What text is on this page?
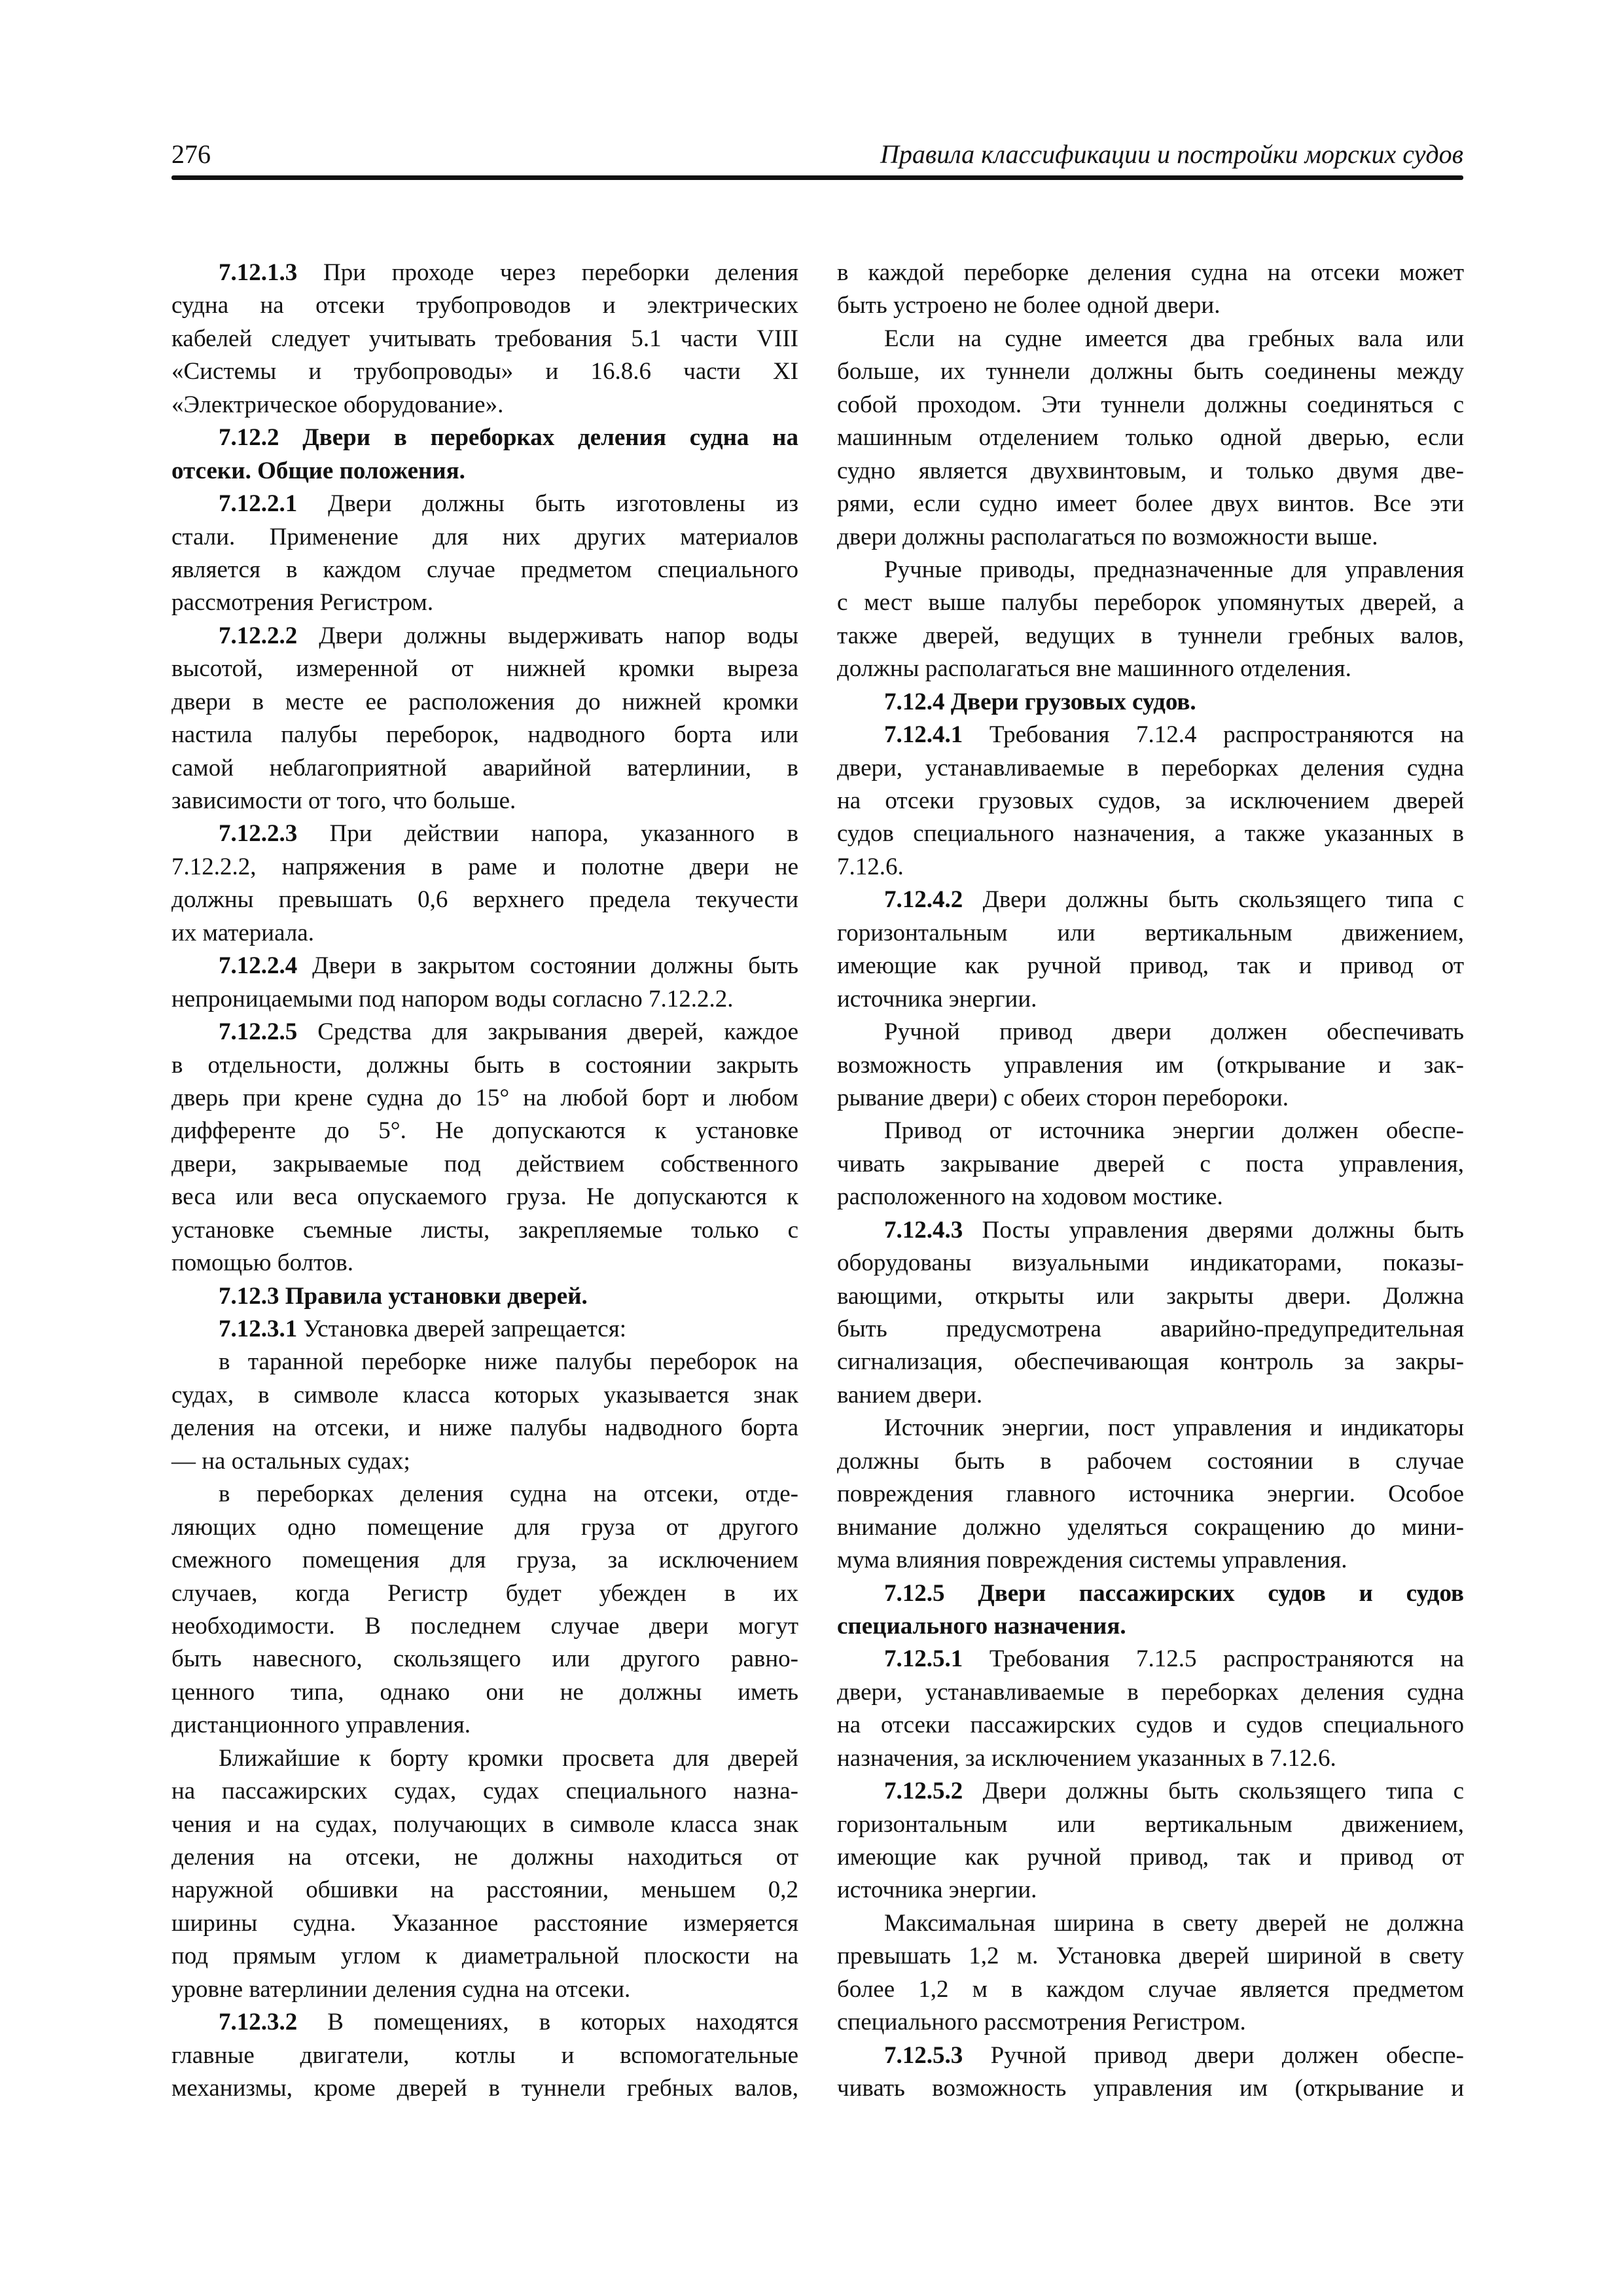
276	Правила классификации и постройки морских судов
7.12.1.3 При проходе через переборки деления
судна на отсеки трубопроводов и электрических
кабелей следует учитывать требования 5.1 части VIII
«Системы и трубопроводы» и 16.8.6 части XI
«Электрическое оборудование».
7.12.2 Двери в переборках деления судна на
отсеки. Общие положения.
7.12.2.1 Двери должны быть изготовлены из
стали. Применение для них других материалов
является в каждом случае предметом специального
рассмотрения Регистром.
7.12.2.2 Двери должны выдерживать напор воды
высотой, измеренной от нижней кромки выреза
двери в месте ее расположения до нижней кромки
настила палубы переборок, надводного борта или
самой неблагоприятной аварийной ватерлинии, в
зависимости от того, что больше.
7.12.2.3 При действии напора, указанного в
7.12.2.2, напряжения в раме и полотне двери не
должны превышать 0,6 верхнего предела текучести
их материала.
7.12.2.4 Двери в закрытом состоянии должны быть
непроницаемыми под напором воды согласно 7.12.2.2.
7.12.2.5 Средства для закрывания дверей, каждое
в отдельности, должны быть в состоянии закрыть
дверь при крене судна до 15° на любой борт и любом
дифференте до 5°. Не допускаются к установке
двери, закрываемые под действием собственного
веса или веса опускаемого груза. Не допускаются к
установке съемные листы, закрепляемые только с
помощью болтов.
7.12.3 Правила установки дверей.
7.12.3.1 Установка дверей запрещается:
в таранной переборке ниже палубы переборок на
судах, в символе класса которых указывается знак
деления на отсеки, и ниже палубы надводного борта
— на остальных судах;
в переборках деления судна на отсеки, отде-
ляющих одно помещение для груза от другого
смежного помещения для груза, за исключением
случаев, когда Регистр будет убежден в их
необходимости. В последнем случае двери могут
быть навесного, скользящего или другого равно-
ценного типа, однако они не должны иметь
дистанционного управления.
Ближайшие к борту кромки просвета для дверей
на пассажирских судах, судах специального назна-
чения и на судах, получающих в символе класса знак
деления на отсеки, не должны находиться от
наружной обшивки на расстоянии, меньшем 0,2
ширины судна. Указанное расстояние измеряется
под прямым углом к диаметральной плоскости на
уровне ватерлинии деления судна на отсеки.
7.12.3.2 В помещениях, в которых находятся
главные двигатели, котлы и вспомогательные
механизмы, кроме дверей в туннели гребных валов,
в каждой переборке деления судна на отсеки может
быть устроено не более одной двери.
Если на судне имеется два гребных вала или
больше, их туннели должны быть соединены между
собой проходом. Эти туннели должны соединяться с
машинным отделением только одной дверью, если
судно является двухвинтовым, и только двумя две-
рями, если судно имеет более двух винтов. Все эти
двери должны располагаться по возможности выше.
Ручные приводы, предназначенные для управления
с мест выше палубы переборок упомянутых дверей, а
также дверей, ведущих в туннели гребных валов,
должны располагаться вне машинного отделения.
7.12.4 Двери грузовых судов.
7.12.4.1 Требования 7.12.4 распространяются на
двери, устанавливаемые в переборках деления судна
на отсеки грузовых судов, за исключением дверей
судов специального назначения, а также указанных в
7.12.6.
7.12.4.2 Двери должны быть скользящего типа с
горизонтальным или вертикальным движением,
имеющие как ручной привод, так и привод от
источника энергии.
Ручной привод двери должен обеспечивать
возможность управления им (открывание и зак-
рывание двери) с обеих сторон перебороки.
Привод от источника энергии должен обеспе-
чивать закрывание дверей с поста управления,
расположенного на ходовом мостике.
7.12.4.3 Посты управления дверями должны быть
оборудованы визуальными индикаторами, показы-
вающими, открыты или закрыты двери. Должна
быть предусмотрена аварийно-предупредительная
сигнализация, обеспечивающая контроль за закры-
ванием двери.
Источник энергии, пост управления и индикаторы
должны быть в рабочем состоянии в случае
повреждения главного источника энергии. Особое
внимание должно уделяться сокращению до мини-
мума влияния повреждения системы управления.
7.12.5 Двери пассажирских судов и судов
специального назначения.
7.12.5.1 Требования 7.12.5 распространяются на
двери, устанавливаемые в переборках деления судна
на отсеки пассажирских судов и судов специального
назначения, за исключением указанных в 7.12.6.
7.12.5.2 Двери должны быть скользящего типа с
горизонтальным или вертикальным движением,
имеющие как ручной привод, так и привод от
источника энергии.
Максимальная ширина в свету дверей не должна
превышать 1,2 м. Установка дверей шириной в свету
более 1,2 м в каждом случае является предметом
специального рассмотрения Регистром.
7.12.5.3 Ручной привод двери должен обеспе-
чивать возможность управления им (открывание и
